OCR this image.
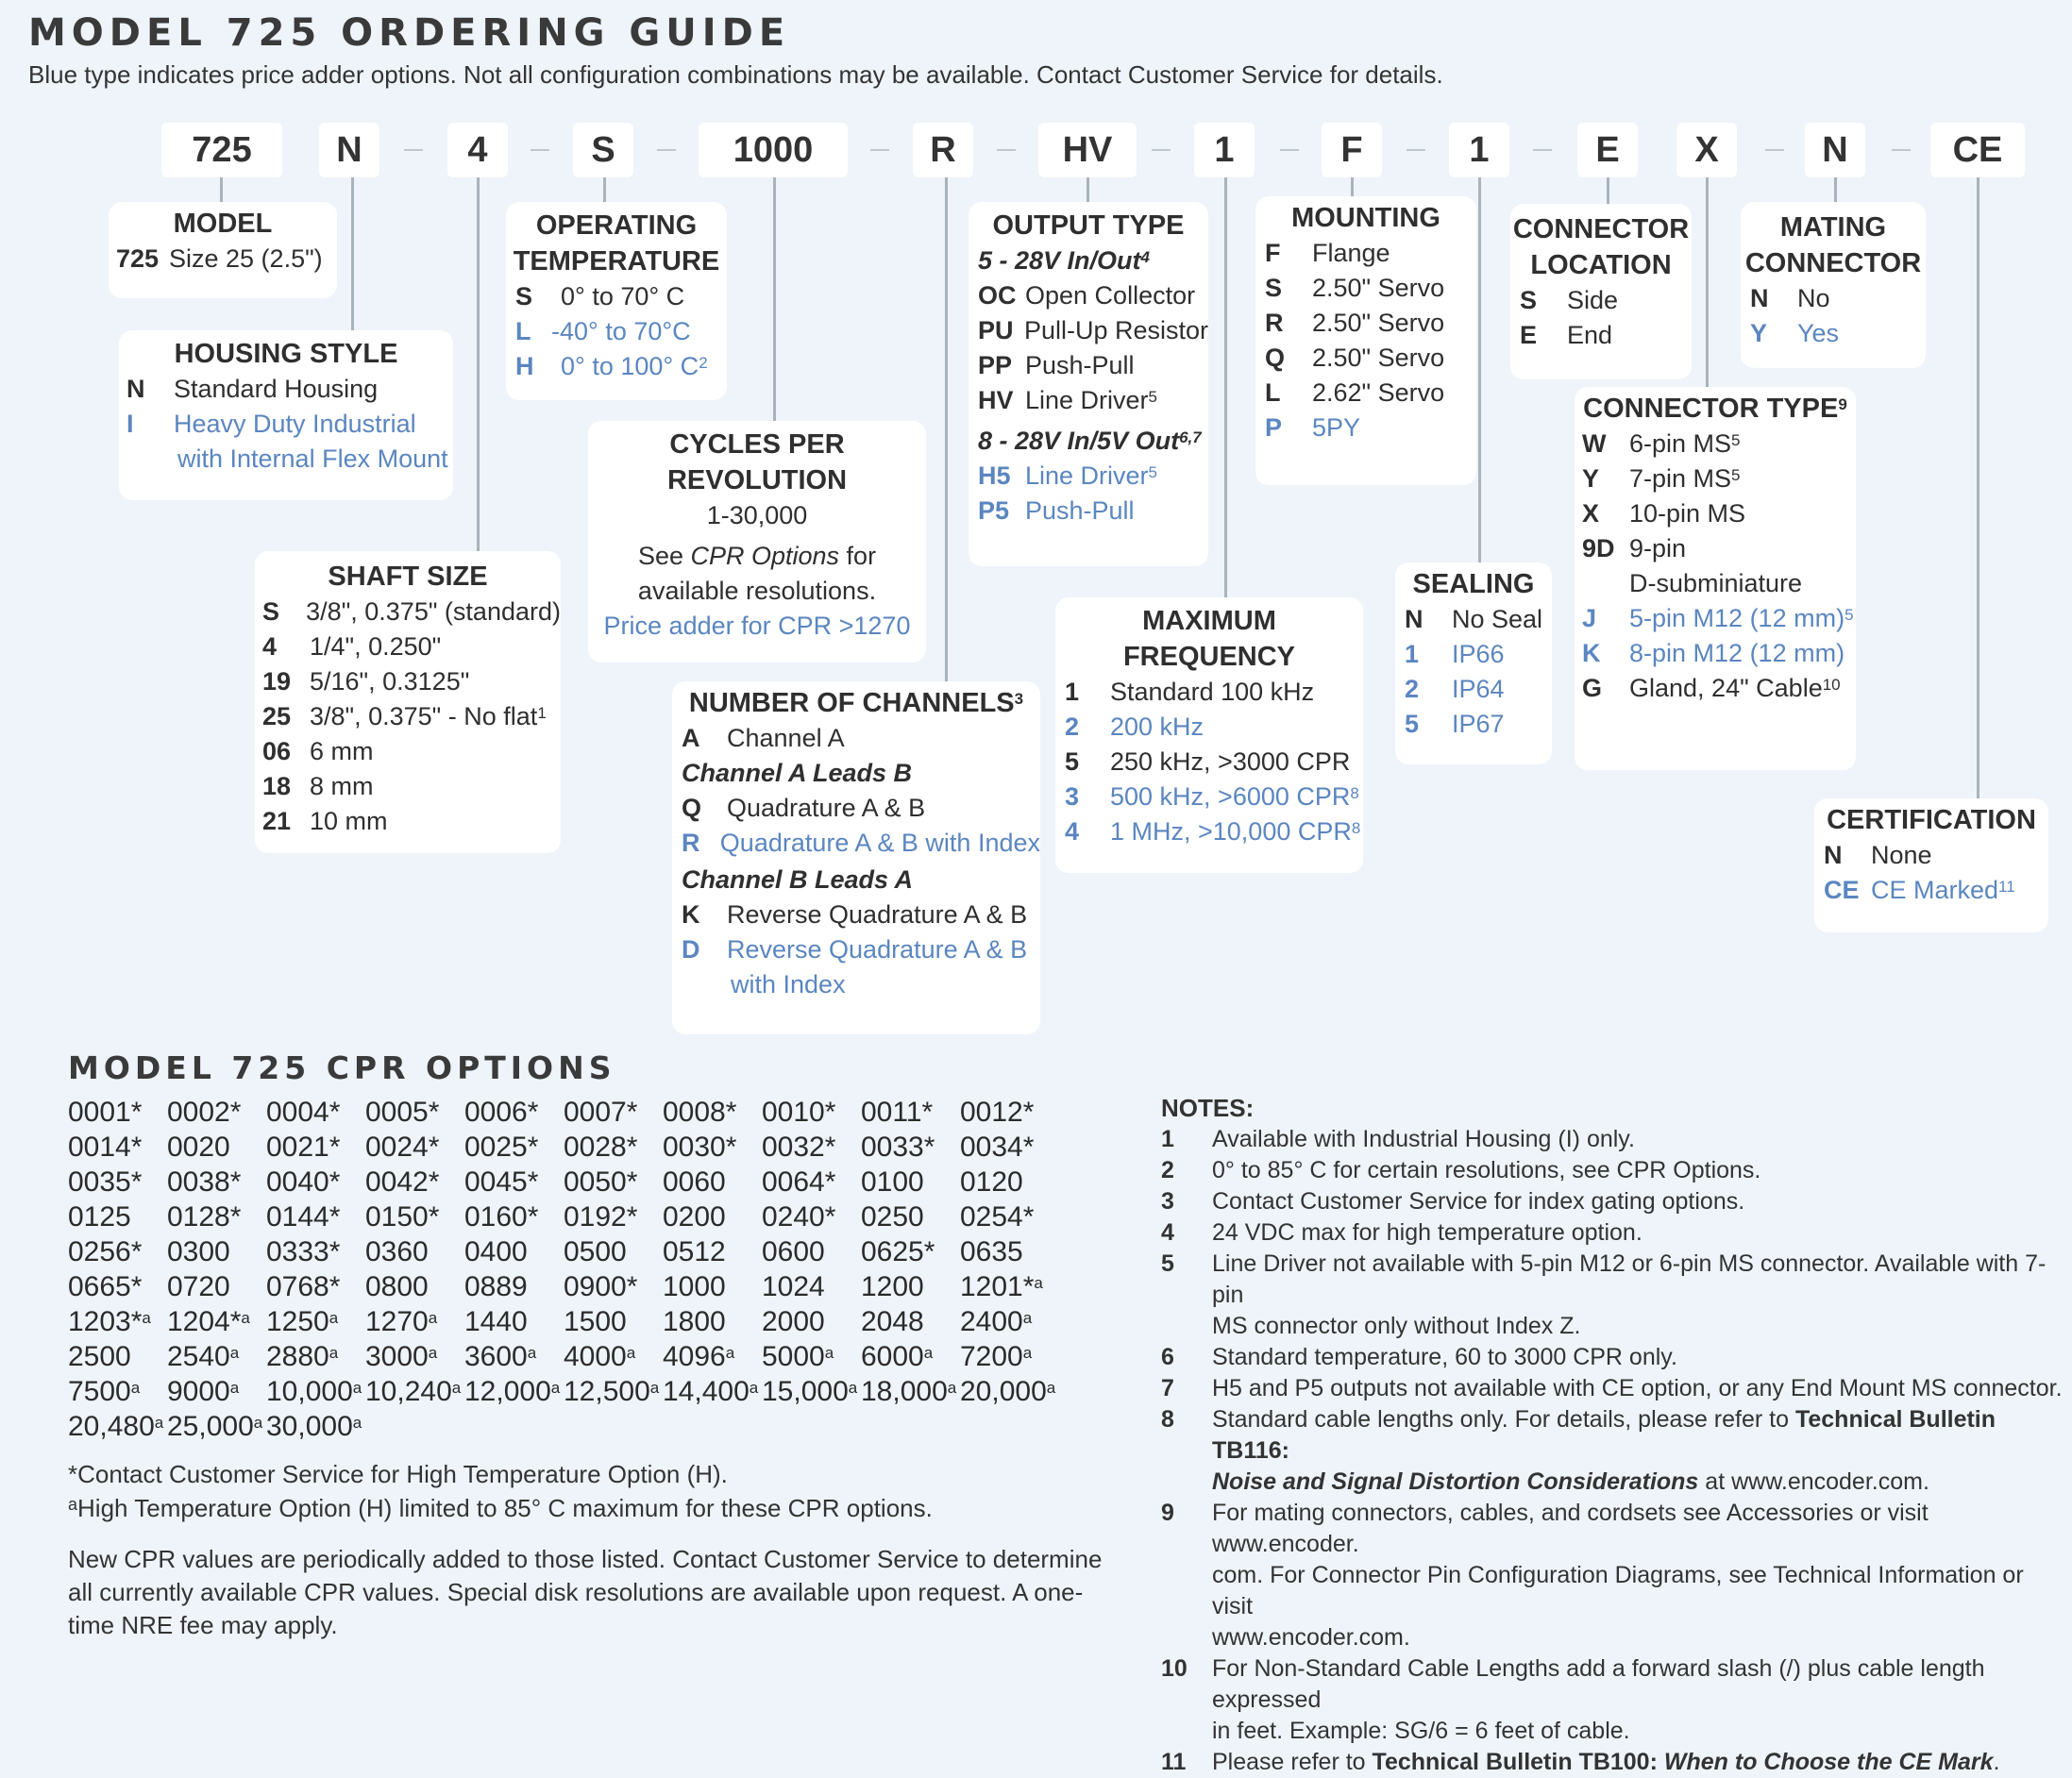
MODEL 725 ORDERING GUIDE
Blue type indicates price adder options. Not all configuration combinations may be available. Contact Customer Service for details.
725	N	4	S	1000	R	HV	1	F	1	E	X	N	CE
MODEL
725 Size 25 (2.5")
HOUSING STYLE
N	Standard Housing
I	Heavy Duty Industrial
with Internal Flex Mount
SHAFT SIZE
S	3/8", 0.375" (standard)
4	1/4", 0.250"
19 5/16", 0.3125"
25 3/8", 0.375" - No flat$^1$
06 6 mm
18 8 mm
21 10 mm
OPERATING
TEMPERATURE
S	0° to 70° C
L -40° to 70°C
H	0° to 100° $C^2$
CYCLES PER
REVOLUTION
1-30,000
See CPR Options for
available resolutions.
Price adder for CPR >1270
NUMBER OF CHANNELS$^3$
A	Channel A
Channel A Leads B
Q Quadrature A & B
R Quadrature A & B with Index
Channel B Leads A
K	Reverse Quadrature A & B
D	Reverse Quadrature A & B
with Index
OUTPUT TYPE
5 - 28V In/Out$^4$
OC Open Collector
PU Pull-Up Resistor
PP Push-Pull
HV Line Driver$^5$
8 - 28V In/5V Out$^{6,7}$
H5 Line Driver$^5$
P5 Push-Pull
MAXIMUM
FREQUENCY
1	Standard 100 kHz
2	200 kHz
5	250 kHz, >3000 CPR
3	500 kHz, >6000 CPR$^8$
4	1 MHz, >10,000 CPR$^8$
MOUNTING
F	Flange
S	2.50" Servo
R	2.50" Servo
Q	2.50" Servo
L	2.62" Servo
P	5PY
SEALING
N	No Seal
1	IP66
2	IP64
5	IP67
CONNECTOR
LOCATION
S	Side
E	End
MATING
CONNECTOR
N	No
Y	Yes
CONNECTOR TYPE$^9$
W 6-pin $MS^5$
Y	7-pin $MS^5$
X	10-pin MS
9D 9-pin
D-subminiature
J	5-pin M12 (12 mm)$^5$
K	8-pin M12 (12 mm)
G	Gland, 24" Cable$^{10}$
CERTIFICATION
N	None
CE CE Marked$^{11}$
MODEL 725 CPR OPTIONS
0001* 0002* 0004* 0005* 0006* 0007* 0008* 0010* 0011* 0012*
0014* 0020	0021* 0024* 0025* 0028* 0030* 0032* 0033* 0034*
0035* 0038* 0040* 0042* 0045* 0050* 0060	0064* 0100	0120
0125	0128* 0144* 0150* 0160* 0192* 0200	0240* 0250	0254*
0256* 0300	0333* 0360	0400	0500	0512	0600	0625* 0635
0665* 0720	0768* 0800	0889	0900* 1000	1024	1200	1201*$^a$
1203*$^a$ 1204*$^a$ 1250$^a$ 1270$^a$ 1440	1500	1800	2000	2048	2400$^a$
2500	2540$^a$ 2880$^a$ 3000$^a$ 3600$^a$ 4000$^a$ 4096$^a$ 5000$^a$ 6000$^a$ 7200$^a$
7500$^a$ 9000$^a$ 10,000$^a$ 10,240$^a$ 12,000$^a$ 12,500$^a$ 14,400$^a$ 15,000$^a$ 18,000$^a$ 20,000$^a$
20,480$^a$ 25,000$^a$ 30,000$^a$
*Contact Customer Service for High Temperature Option (H).
$^a$High Temperature Option (H) limited to 85° C maximum for these CPR options.
New CPR values are periodically added to those listed. Contact Customer Service to determine
all currently available CPR values. Special disk resolutions are available upon request. A one-
time NRE fee may apply.
NOTES:
1	Available with Industrial Housing (I) only.
2	0° to 85° C for certain resolutions, see CPR Options.
3	Contact Customer Service for index gating options.
4	24 VDC max for high temperature option.
5	Line Driver not available with 5-pin M12 or 6-pin MS connector. Available with 7-pin
MS connector only without Index Z.
6	Standard temperature, 60 to 3000 CPR only.
7	H5 and P5 outputs not available with CE option, or any End Mount MS connector.
8	Standard cable lengths only. For details, please refer to Technical Bulletin TB116:
Noise and Signal Distortion Considerations at www.encoder.com.
9	For mating connectors, cables, and cordsets see Accessories or visit www.encoder.
com. For Connector Pin Configuration Diagrams, see Technical Information or visit
www.encoder.com.
10	For Non-Standard Cable Lengths add a forward slash (/) plus cable length expressed
in feet. Example: SG/6 = 6 feet of cable.
11	Please refer to Technical Bulletin TB100: When to Choose the CE Mark.
